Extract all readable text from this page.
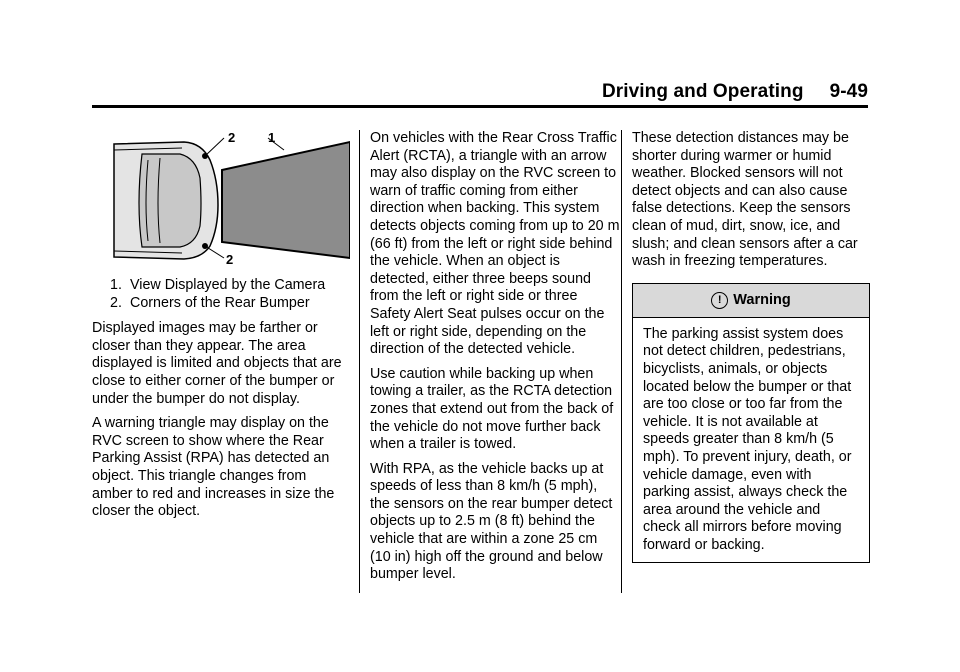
Driving and Operating 9-49
2	1
2
1. View Displayed by the Camera
2. Corners of the Rear Bumper

Displayed images may be farther or closer than they appear. The area displayed is limited and objects that are close to either corner of the bumper or under the bumper do not display.

A warning triangle may display on the RVC screen to show where the Rear Parking Assist (RPA) has detected an object. This triangle changes from amber to red and increases in size the closer the object.

On vehicles with the Rear Cross Traffic Alert (RCTA), a triangle with an arrow may also display on the RVC screen to warn of traffic coming from either direction when backing. This system detects objects coming from up to 20 m (66 ft) from the left or right side behind the vehicle. When an object is detected, either three beeps sound from the left or right side or three Safety Alert Seat pulses occur on the left or right side, depending on the direction of the detected vehicle.

Use caution while backing up when towing a trailer, as the RCTA detection zones that extend out from the back of the vehicle do not move further back when a trailer is towed.

With RPA, as the vehicle backs up at speeds of less than 8 km/h (5 mph), the sensors on the rear bumper detect objects up to 2.5 m (8 ft) behind the vehicle that are within a zone 25 cm (10 in) high off the ground and below bumper level.

These detection distances may be shorter during warmer or humid weather. Blocked sensors will not detect objects and can also cause false detections. Keep the sensors clean of mud, dirt, snow, ice, and slush; and clean sensors after a car wash in freezing temperatures.

! Warning
The parking assist system does not detect children, pedestrians, bicyclists, animals, or objects located below the bumper or that are too close or too far from the vehicle. It is not available at speeds greater than 8 km/h (5 mph). To prevent injury, death, or vehicle damage, even with parking assist, always check the area around the vehicle and check all mirrors before moving forward or backing.
